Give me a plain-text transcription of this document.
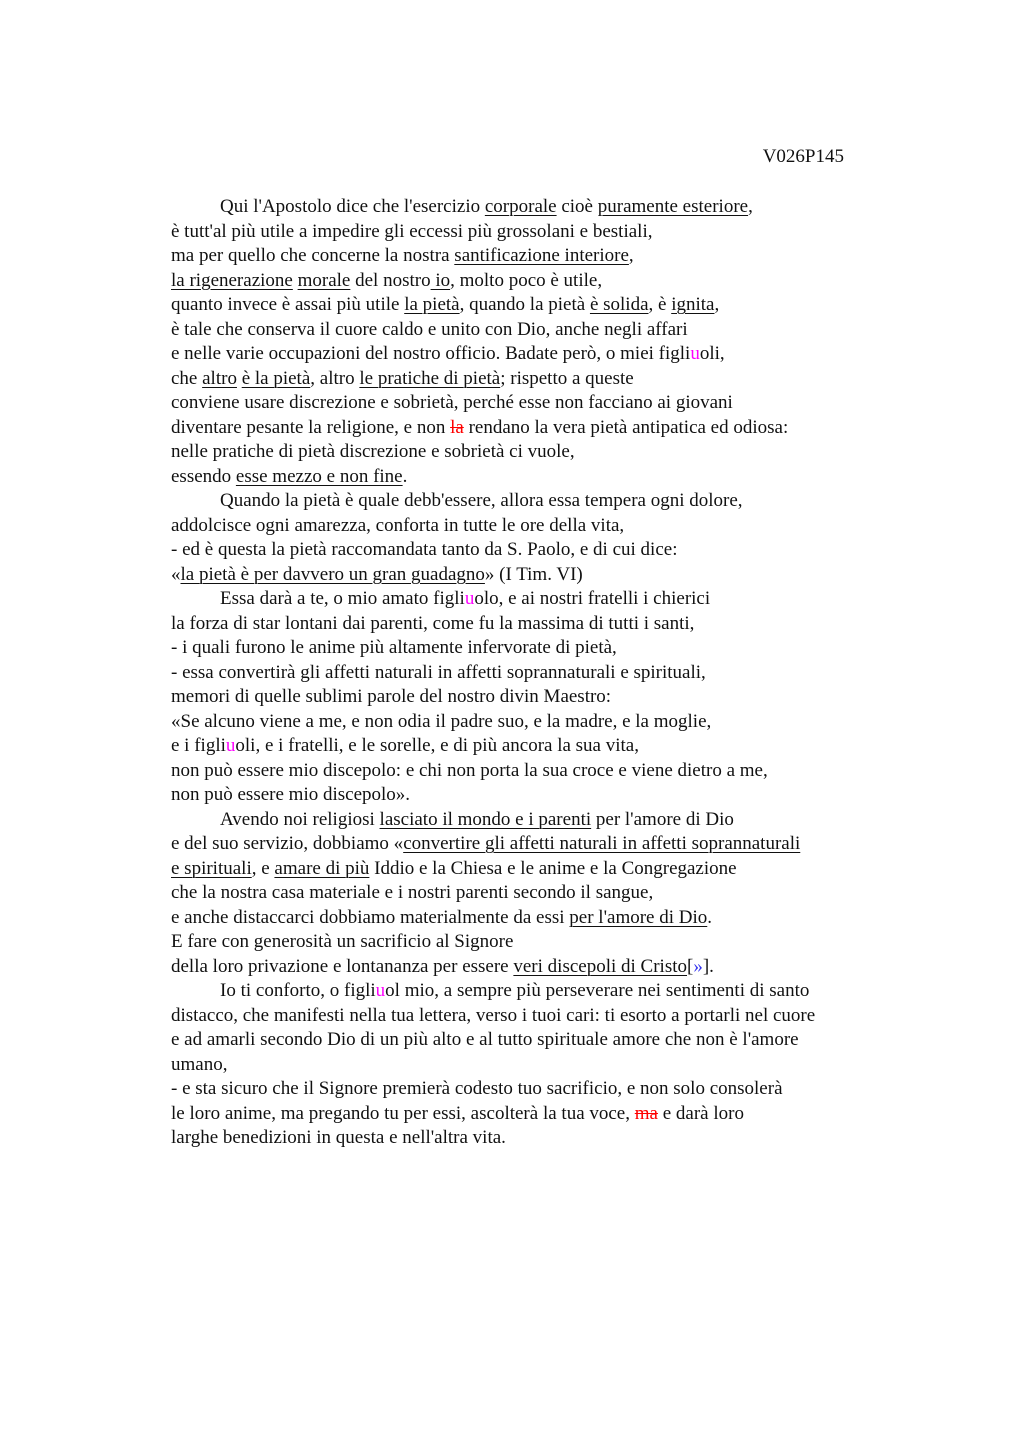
V026P145
Qui l'Apostolo dice che l'esercizio corporale cioè puramente esteriore,
è tutt'al più utile a impedire gli eccessi più grossolani e bestiali,
ma per quello che concerne la nostra santificazione interiore,
la rigenerazione morale del nostro io, molto poco è utile,
quanto invece è assai più utile la pietà, quando la pietà è solida, è ignita,
è tale che conserva il cuore caldo e unito con Dio, anche negli affari
e nelle varie occupazioni del nostro officio. Badate però, o miei figliuoli,
che altro è la pietà, altro le pratiche di pietà; rispetto a queste
conviene usare discrezione e sobrietà, perché esse non facciano ai giovani
diventare pesante la religione, e non la rendano la vera pietà antipatica ed odiosa:
nelle pratiche di pietà discrezione e sobrietà ci vuole,
essendo esse mezzo e non fine.
Quando la pietà è quale debb'essere, allora essa tempera ogni dolore,
addolcisce ogni amarezza, conforta in tutte le ore della vita,
- ed è questa la pietà raccomandata tanto da S. Paolo, e di cui dice:
«la pietà è per davvero un gran guadagno» (I Tim. VI)
Essa darà a te, o mio amato figliuolo, e ai nostri fratelli i chierici
la forza di star lontani dai parenti, come fu la massima di tutti i santi,
- i quali furono le anime più altamente infervorate di pietà,
- essa convertirà gli affetti naturali in affetti soprannaturali e spirituali,
memori di quelle sublimi parole del nostro divin Maestro:
«Se alcuno viene a me, e non odia il padre suo, e la madre, e la moglie,
e i figliuoli, e i fratelli, e le sorelle, e di più ancora la sua vita,
non può essere mio discepolo: e chi non porta la sua croce e viene dietro a me,
non può essere mio discepolo».
Avendo noi religiosi lasciato il mondo e i parenti per l'amore di Dio
e del suo servizio, dobbiamo «convertire gli affetti naturali in affetti soprannaturali
e spirituali, e amare di più Iddio e la Chiesa e le anime e la Congregazione
che la nostra casa materiale e i nostri parenti secondo il sangue,
e anche distaccarci dobbiamo materialmente da essi per l'amore di Dio.
E fare con generosità un sacrificio al Signore
della loro privazione e lontananza per essere veri discepoli di Cristo[»].
Io ti conforto, o figliuol mio, a sempre più perseverare nei sentimenti di santo
distacco, che manifesti nella tua lettera, verso i tuoi cari: ti esorto a portarli nel cuore
e ad amarli secondo Dio di un più alto e al tutto spirituale amore che non è l'amore
umano,
- e sta sicuro che il Signore premierà codesto tuo sacrificio, e non solo consolerà
le loro anime, ma pregando tu per essi, ascolterà la tua voce, ma e darà loro
larghe benedizioni in questa e nell'altra vita.
